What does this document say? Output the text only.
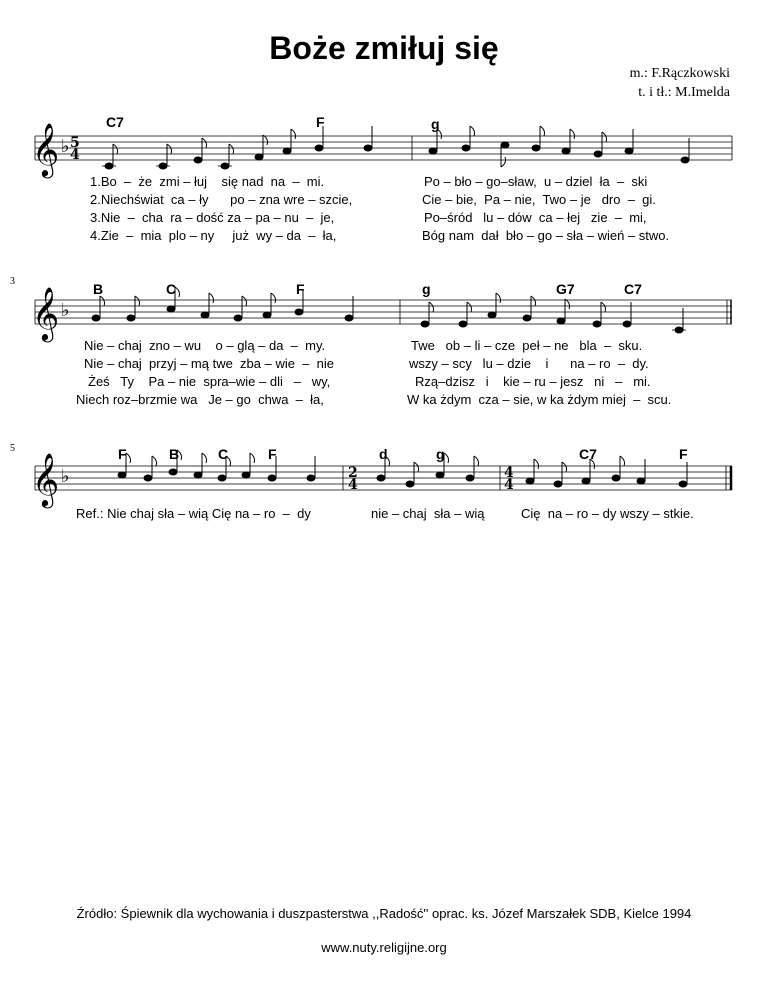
Boże zmiłuj się
m.: F.Rączkowski
t. i tł.: M.Imelda
C7	F	g
𝄞 ♭ 5
4
1.Bo  –  że  zmi – łuj    się nad  na  –  mi.
2.Niechświat  ca – ły      po – zna wre – szcie,
3.Nie  –  cha  ra – dość za – pa – nu  –  je,
4.Zie  –  mia  plo – ny     już  wy – da  –  ła,
Po – bło – go–sław,  u – dziel  ła  –  ski
Cie – bie,  Pa – nie,  Two – je   dro  –  gi.
Po–śród   lu – dów  ca – łej   zie  –  mi,
Bóg nam  dał  bło – go – sła – wień – stwo.
3	B	C	F	g	G7	C7
𝄞 ♭
Nie – chaj  zno – wu    o – glą – da  –  my.
Nie – chaj  przyj – mą twe  zba – wie  –  nie
Żeś   Ty    Pa – nie  spra–wie – dli   –   wy,
Niech roz–brzmie wa   Je – go  chwa  –  ła,
Twe   ob – li – cze  peł – ne   bla  –  sku.
wszy – scy   lu – dzie    i      na – ro  –  dy.
Rzą–dzisz   i    kie – ru – jesz   ni   –   mi.
W ka żdym  cza – sie, w ka żdym miej  –  scu.
5	F	B	C	F	d	g	C7	F
𝄞 ♭	2
4
4
4
Ref.: Nie chaj sła – wią Cię na – ro  –  dy	nie – chaj  sła – wią	Cię  na – ro – dy wszy – stkie.
Źródło: Śpiewnik dla wychowania i duszpasterstwa ,,Radość'' oprac. ks. Józef Marszałek SDB, Kielce 1994
www.nuty.religijne.org
